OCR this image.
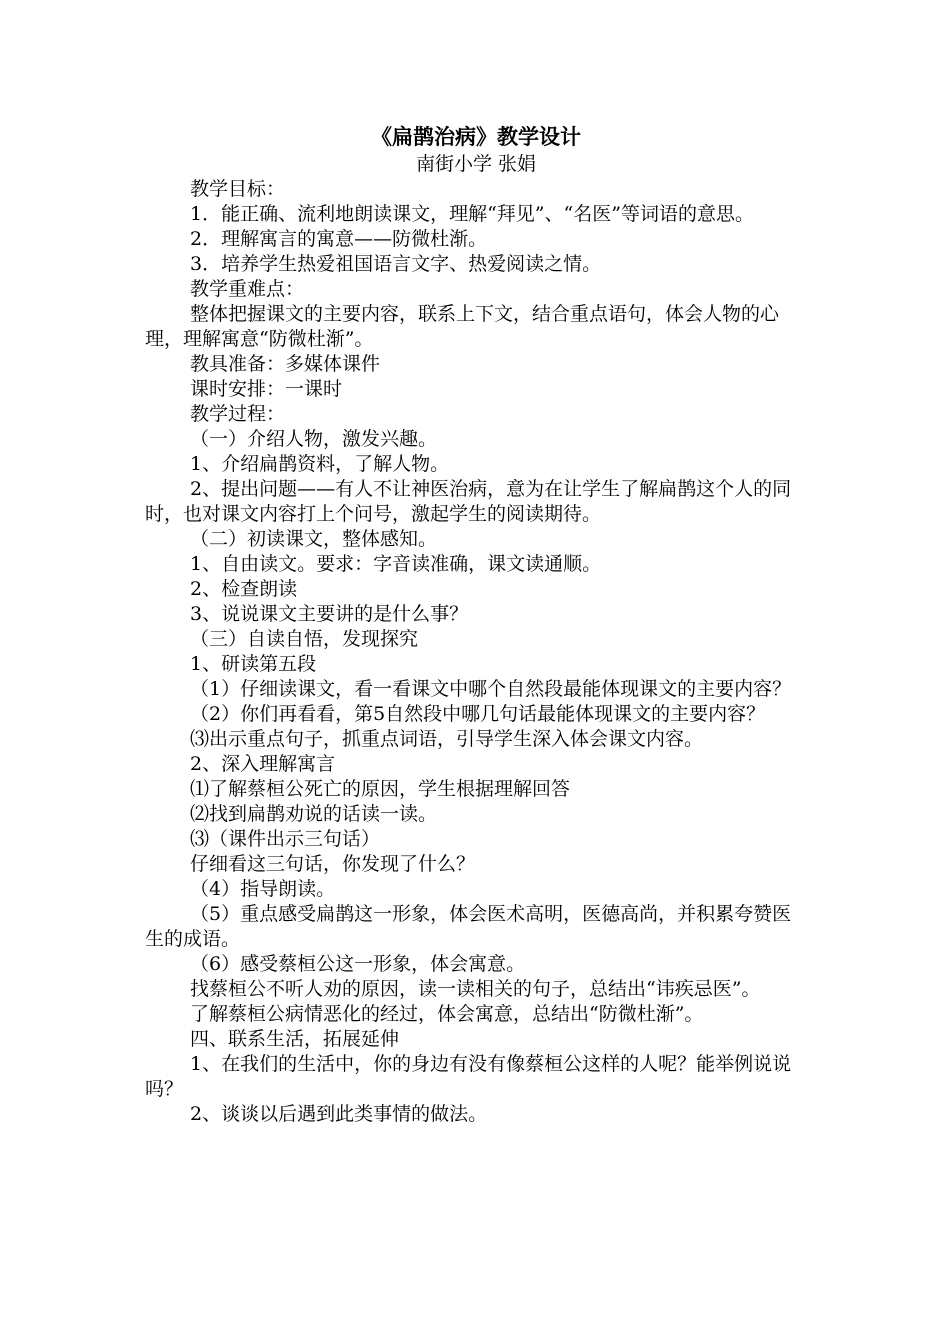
《扁鹊治病》教学设计

南街小学 张娟

教学目标：

1．能正确、流利地朗读课文，理解“拜见”、“名医”等词语的意思。

2．理解寓言的寓意——防微杜渐。

3．培养学生热爱祖国语言文字、热爱阅读之情。

教学重难点：

整体把握课文的主要内容，联系上下文，结合重点语句，体会人物的心理，理解寓意“防微杜渐”。

教具准备：多媒体课件

课时安排：一课时

教学过程：

（一）介绍人物，激发兴趣。

1、介绍扁鹊资料，了解人物。

2、提出问题——有人不让神医治病，意为在让学生了解扁鹊这个人的同时，也对课文内容打上个问号，激起学生的阅读期待。

（二）初读课文，整体感知。

1、自由读文。要求：字音读准确，课文读通顺。

2、检查朗读

3、说说课文主要讲的是什么事？

（三）自读自悟，发现探究

1、研读第五段

（1）仔细读课文，看一看课文中哪个自然段最能体现课文的主要内容？

（2）你们再看看，第5自然段中哪几句话最能体现课文的主要内容？

⑶出示重点句子，抓重点词语，引导学生深入体会课文内容。

2、深入理解寓言

⑴了解蔡桓公死亡的原因，学生根据理解回答

⑵找到扁鹊劝说的话读一读。

⑶（课件出示三句话）

仔细看这三句话，你发现了什么？

（4）指导朗读。

（5）重点感受扁鹊这一形象，体会医术高明，医德高尚，并积累夸赞医生的成语。

（6）感受蔡桓公这一形象，体会寓意。

找蔡桓公不听人劝的原因，读一读相关的句子，总结出“讳疾忌医”。

了解蔡桓公病情恶化的经过，体会寓意，总结出“防微杜渐”。

四、联系生活，拓展延伸

1、在我们的生活中，你的身边有没有像蔡桓公这样的人呢？能举例说说吗？

2、谈谈以后遇到此类事情的做法。
